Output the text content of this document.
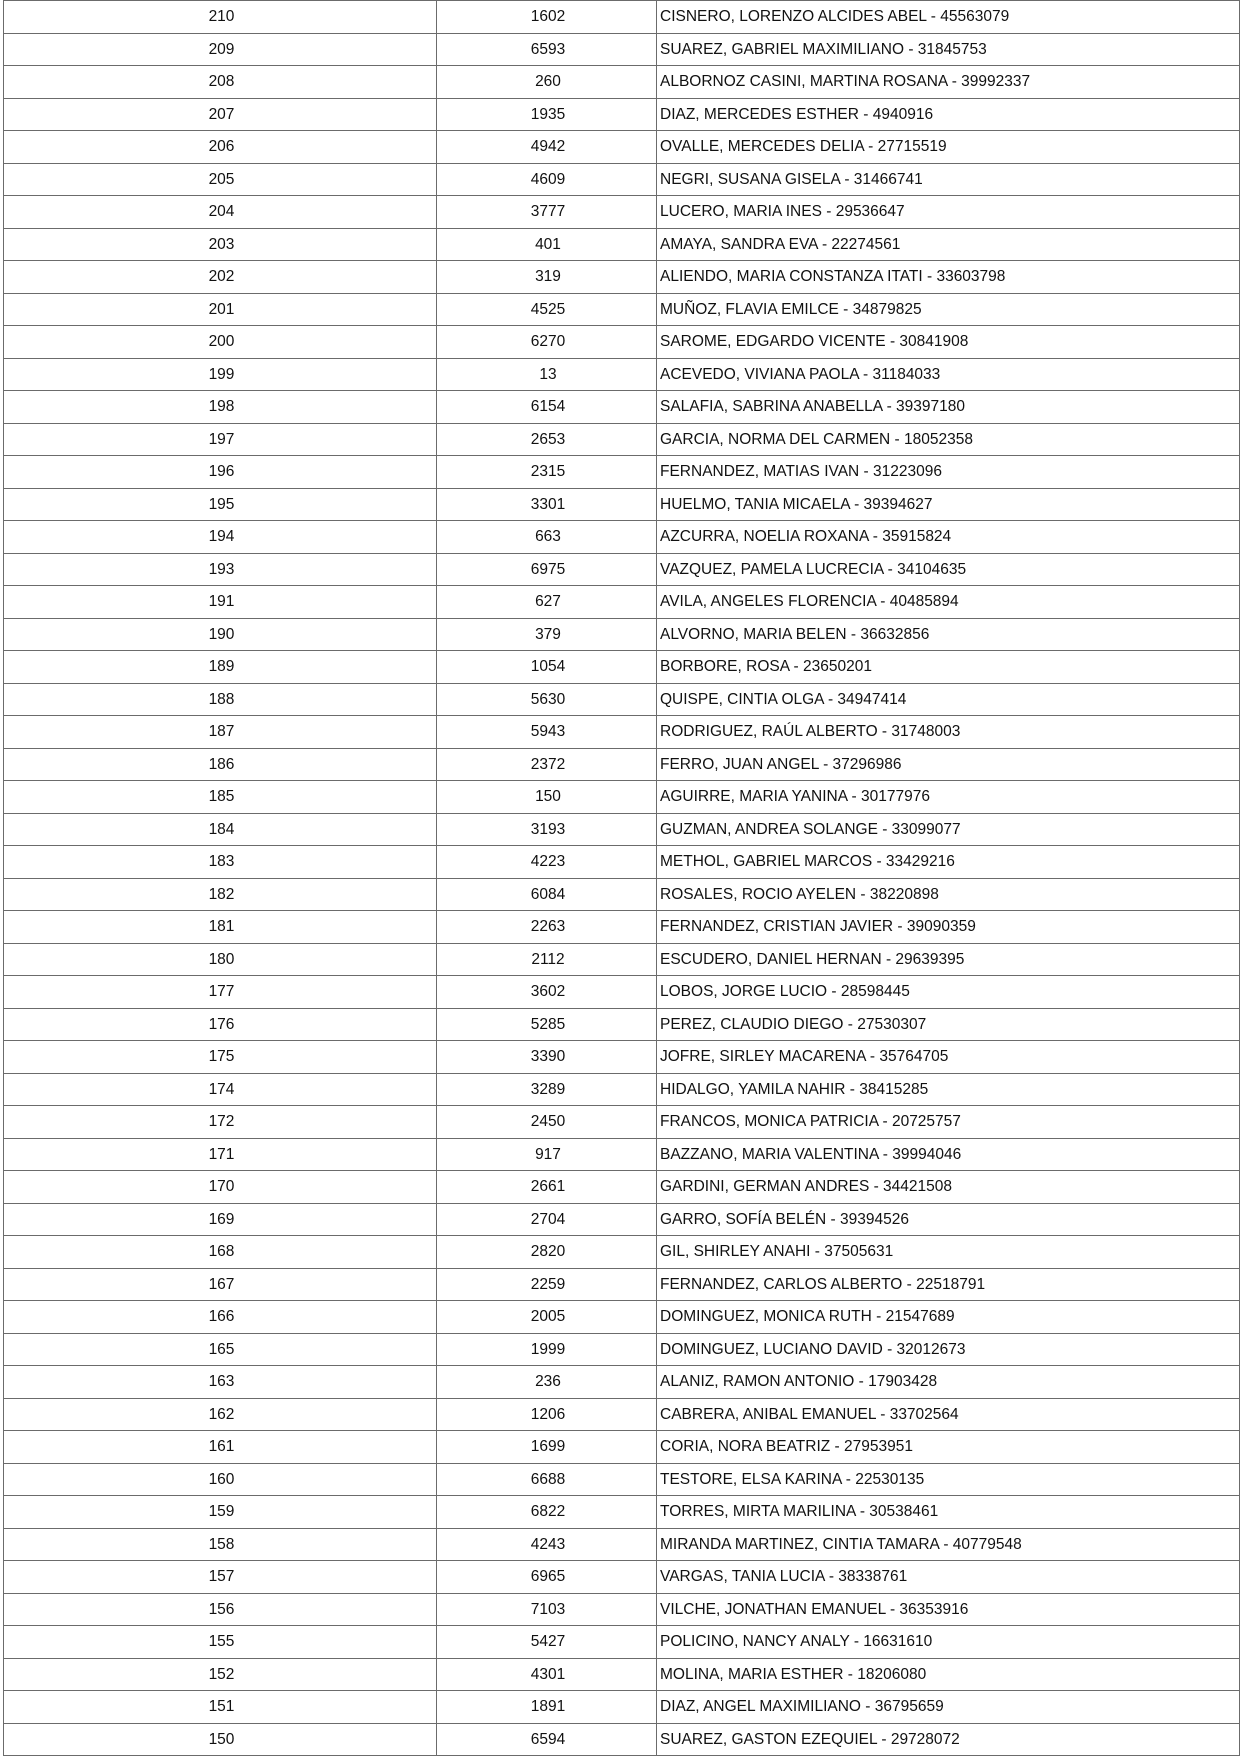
210	1602	CISNERO, LORENZO ALCIDES ABEL - 45563079
209	6593	SUAREZ, GABRIEL MAXIMILIANO - 31845753
208	260	ALBORNOZ CASINI, MARTINA ROSANA - 39992337
207	1935	DIAZ, MERCEDES ESTHER - 4940916
206	4942	OVALLE, MERCEDES DELIA - 27715519
205	4609	NEGRI, SUSANA GISELA - 31466741
204	3777	LUCERO, MARIA INES - 29536647
203	401	AMAYA, SANDRA EVA - 22274561
202	319	ALIENDO, MARIA CONSTANZA ITATI - 33603798
201	4525	MUÑOZ, FLAVIA EMILCE - 34879825
200	6270	SAROME, EDGARDO VICENTE - 30841908
199	13	ACEVEDO, VIVIANA PAOLA - 31184033
198	6154	SALAFIA, SABRINA ANABELLA - 39397180
197	2653	GARCIA, NORMA DEL CARMEN - 18052358
196	2315	FERNANDEZ, MATIAS IVAN - 31223096
195	3301	HUELMO, TANIA MICAELA - 39394627
194	663	AZCURRA, NOELIA ROXANA - 35915824
193	6975	VAZQUEZ, PAMELA LUCRECIA - 34104635
191	627	AVILA, ANGELES FLORENCIA - 40485894
190	379	ALVORNO, MARIA BELEN - 36632856
189	1054	BORBORE, ROSA - 23650201
188	5630	QUISPE, CINTIA OLGA - 34947414
187	5943	RODRIGUEZ, RAÚL ALBERTO - 31748003
186	2372	FERRO, JUAN ANGEL - 37296986
185	150	AGUIRRE, MARIA YANINA - 30177976
184	3193	GUZMAN, ANDREA SOLANGE - 33099077
183	4223	METHOL, GABRIEL MARCOS - 33429216
182	6084	ROSALES, ROCIO AYELEN - 38220898
181	2263	FERNANDEZ, CRISTIAN JAVIER - 39090359
180	2112	ESCUDERO, DANIEL HERNAN - 29639395
177	3602	LOBOS, JORGE LUCIO - 28598445
176	5285	PEREZ, CLAUDIO DIEGO - 27530307
175	3390	JOFRE, SIRLEY MACARENA - 35764705
174	3289	HIDALGO, YAMILA NAHIR - 38415285
172	2450	FRANCOS, MONICA PATRICIA - 20725757
171	917	BAZZANO, MARIA VALENTINA - 39994046
170	2661	GARDINI, GERMAN ANDRES - 34421508
169	2704	GARRO, SOFÍA BELÉN - 39394526
168	2820	GIL, SHIRLEY ANAHI - 37505631
167	2259	FERNANDEZ, CARLOS ALBERTO - 22518791
166	2005	DOMINGUEZ, MONICA RUTH - 21547689
165	1999	DOMINGUEZ, LUCIANO DAVID - 32012673
163	236	ALANIZ, RAMON ANTONIO - 17903428
162	1206	CABRERA, ANIBAL EMANUEL - 33702564
161	1699	CORIA, NORA BEATRIZ - 27953951
160	6688	TESTORE, ELSA KARINA - 22530135
159	6822	TORRES, MIRTA MARILINA - 30538461
158	4243	MIRANDA MARTINEZ, CINTIA TAMARA - 40779548
157	6965	VARGAS, TANIA LUCIA - 38338761
156	7103	VILCHE, JONATHAN EMANUEL - 36353916
155	5427	POLICINO, NANCY ANALY - 16631610
152	4301	MOLINA, MARIA ESTHER - 18206080
151	1891	DIAZ, ANGEL MAXIMILIANO - 36795659
150	6594	SUAREZ, GASTON EZEQUIEL - 29728072
